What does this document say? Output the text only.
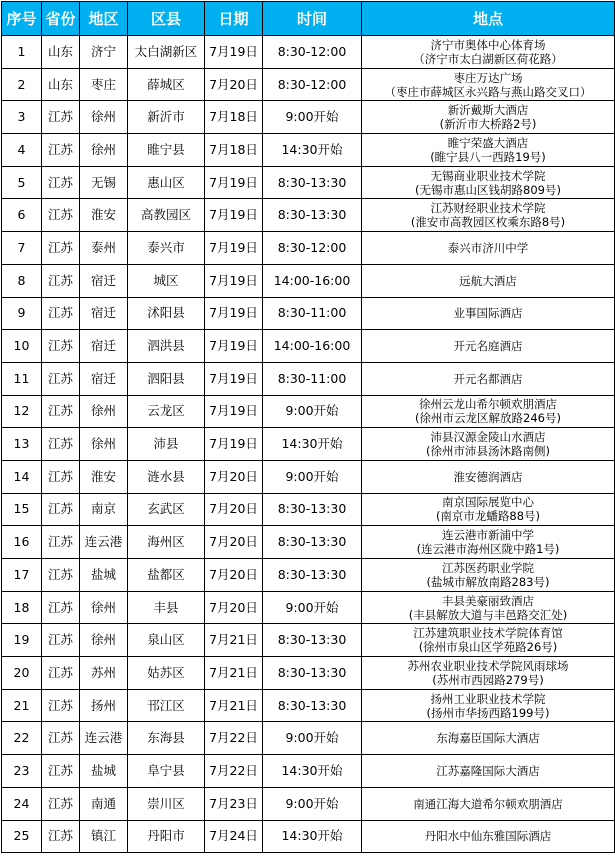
序号	省份	地区	区县	日期	时间	地点
1	山东	济宁	太白湖新区	7月19日	8:30-12:00	济宁市奥体中心体育场
（济宁市太白湖新区荷花路）

2	山东	枣庄	薛城区	7月20日	8:30-12:00	枣庄万达广场
（枣庄市薛城区永兴路与燕山路交叉口）

3	江苏	徐州	新沂市	7月18日	9:00开始	新沂戴斯大酒店
(新沂市大桥路2号)

4	江苏	徐州	睢宁县	7月18日	14:30开始	睢宁荣盛大酒店
(睢宁县八一西路19号)

5	江苏	无锡	惠山区	7月19日	8:30-13:30	无锡商业职业技术学院
(无锡市惠山区钱胡路809号)

6	江苏	淮安	高教园区	7月19日	8:30-13:30	江苏财经职业技术学院
(淮安市高教园区枚乘东路8号)

7	江苏	泰州	泰兴市	7月19日	8:30-12:00	泰兴市济川中学

8	江苏	宿迁	城区	7月19日	14:00-16:00	远航大酒店

9	江苏	宿迁	沭阳县	7月19日	8:30-11:00	业事国际酒店

10	江苏	宿迁	泗洪县	7月19日	14:00-16:00	开元名庭酒店

11	江苏	宿迁	泗阳县	7月19日	8:30-11:00	开元名都酒店

12	江苏	徐州	云龙区	7月19日	9:00开始	徐州云龙山希尔顿欢朋酒店
(徐州市云龙区解放路246号)

13	江苏	徐州	沛县	7月19日	14:30开始	沛县汉源金陵山水酒店
(徐州市沛县汤沐路南侧)

14	江苏	淮安	涟水县	7月20日	9:00开始	淮安德润酒店

15	江苏	南京	玄武区	7月20日	8:30-13:30	南京国际展览中心
(南京市龙蟠路88号)

16	江苏	连云港	海州区	7月20日	8:30-13:30	连云港市新浦中学
(连云港市海州区陇中路1号)

17	江苏	盐城	盐都区	7月20日	8:30-13:30	江苏医药职业学院
(盐城市解放南路283号)

18	江苏	徐州	丰县	7月20日	9:00开始	丰县美豪丽致酒店
(丰县解放大道与丰邑路交汇处)

19	江苏	徐州	泉山区	7月21日	8:30-13:30	江苏建筑职业技术学院体育馆
(徐州市泉山区学苑路26号)

20	江苏	苏州	姑苏区	7月21日	8:30-13:30	苏州农业职业技术学院风雨球场
(苏州市西园路279号)

21	江苏	扬州	邗江区	7月21日	8:30-13:30	扬州工业职业技术学院
(扬州市华扬西路199号)

22	江苏	连云港	东海县	7月22日	9:00开始	东海嘉臣国际大酒店

23	江苏	盐城	阜宁县	7月22日	14:30开始	江苏嘉隆国际大酒店

24	江苏	南通	崇川区	7月23日	9:00开始	南通江海大道希尔顿欢朋酒店

25	江苏	镇江	丹阳市	7月24日	14:30开始	丹阳水中仙东雅国际酒店
